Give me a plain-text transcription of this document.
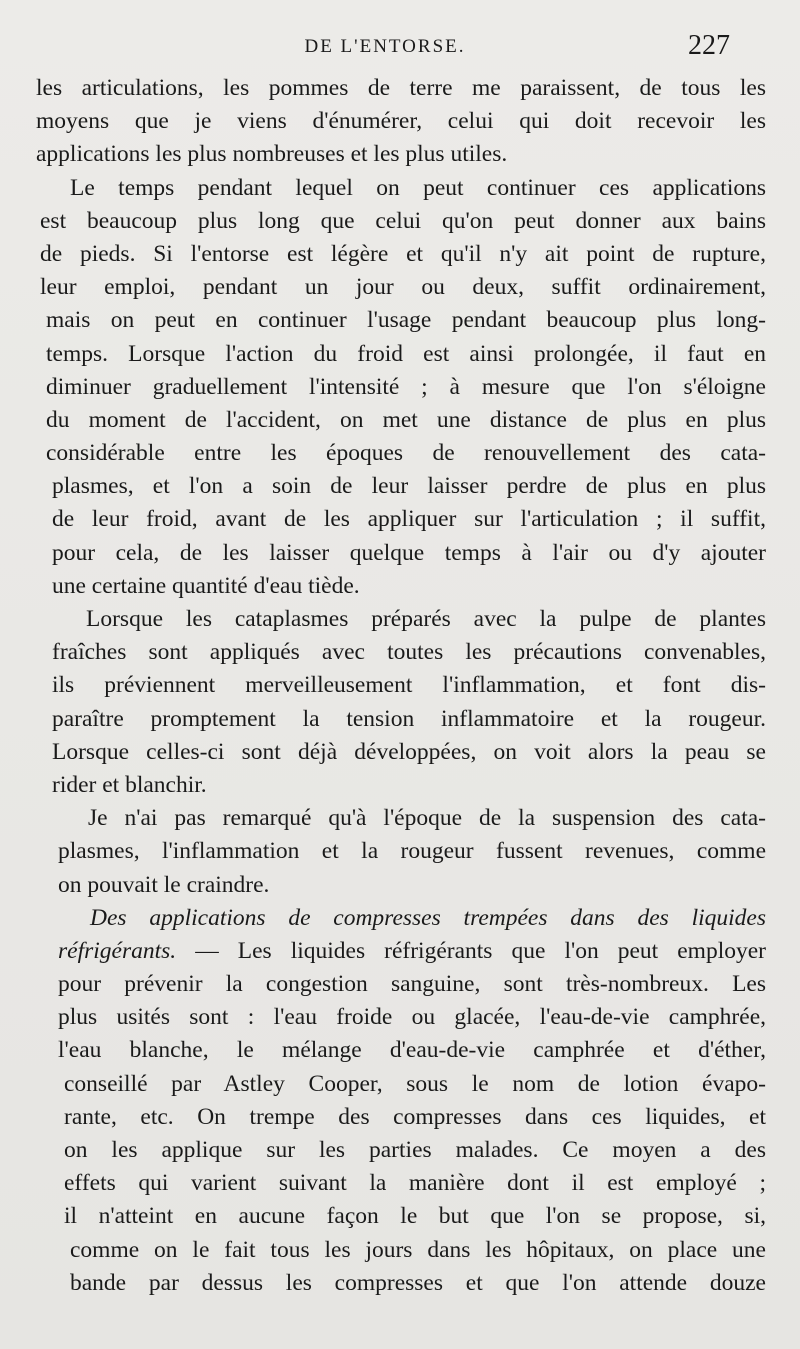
DE L'ENTORSE.	227
les articulations, les pommes de terre me paraissent, de tous les
moyens que je viens d'énumérer, celui qui doit recevoir les
applications les plus nombreuses et les plus utiles.
Le temps pendant lequel on peut continuer ces applications
est beaucoup plus long que celui qu'on peut donner aux bains
de pieds. Si l'entorse est légère et qu'il n'y ait point de rupture,
leur emploi, pendant un jour ou deux, suffit ordinairement,
mais on peut en continuer l'usage pendant beaucoup plus long-
temps. Lorsque l'action du froid est ainsi prolongée, il faut en
diminuer graduellement l'intensité ; à mesure que l'on s'éloigne
du moment de l'accident, on met une distance de plus en plus
considérable entre les époques de renouvellement des cata-
plasmes, et l'on a soin de leur laisser perdre de plus en plus
de leur froid, avant de les appliquer sur l'articulation ; il suffit,
pour cela, de les laisser quelque temps à l'air ou d'y ajouter
une certaine quantité d'eau tiède.
Lorsque les cataplasmes préparés avec la pulpe de plantes
fraîches sont appliqués avec toutes les précautions convenables,
ils préviennent merveilleusement l'inflammation, et font dis-
paraître promptement la tension inflammatoire et la rougeur.
Lorsque celles-ci sont déjà développées, on voit alors la peau se
rider et blanchir.
Je n'ai pas remarqué qu'à l'époque de la suspension des cata-
plasmes, l'inflammation et la rougeur fussent revenues, comme
on pouvait le craindre.
Des applications de compresses trempées dans des liquides
réfrigérants. — Les liquides réfrigérants que l'on peut employer
pour prévenir la congestion sanguine, sont très-nombreux. Les
plus usités sont : l'eau froide ou glacée, l'eau-de-vie camphrée,
l'eau blanche, le mélange d'eau-de-vie camphrée et d'éther,
conseillé par Astley Cooper, sous le nom de lotion évapo-
rante, etc. On trempe des compresses dans ces liquides, et
on les applique sur les parties malades. Ce moyen a des
effets qui varient suivant la manière dont il est employé ;
il n'atteint en aucune façon le but que l'on se propose, si,
comme on le fait tous les jours dans les hôpitaux, on place une
bande par dessus les compresses et que l'on attende douze
